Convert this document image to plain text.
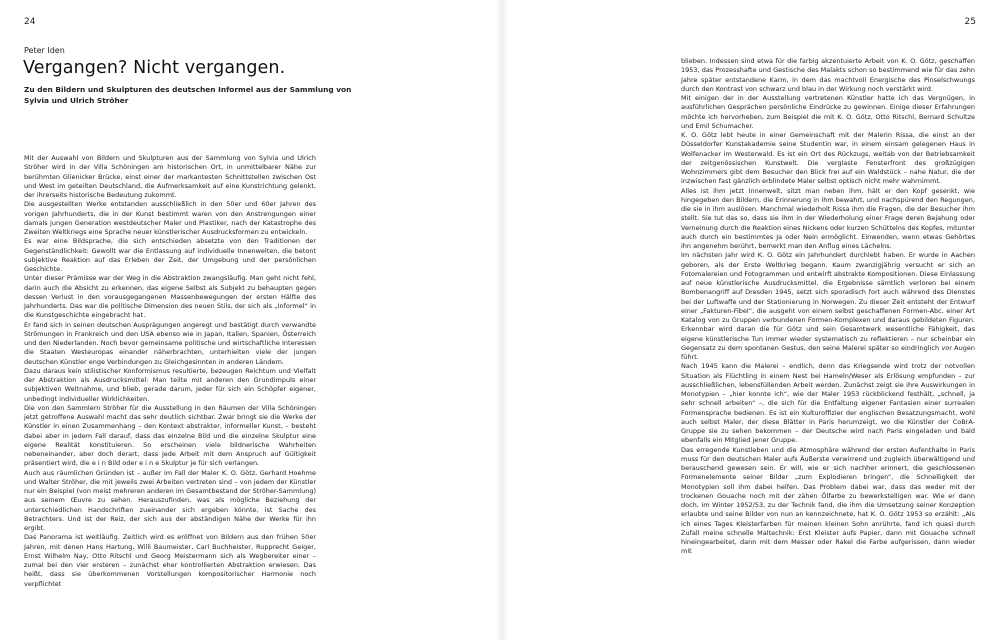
24
Peter Iden
Vergangen? Nicht vergangen.
Zu den Bildern und Skulpturen des deutschen Informel aus der Sammlung von Sylvia und Ulrich Ströher

Mit der Auswahl von Bildern und Skulpturen aus der Sammlung von Sylvia und Ulrich Ströher wird in der Villa Schöningen am historischen Ort, in unmittelbarer Nähe zur berühmten Glienicker Brücke, einst einer der markantesten Schnittstellen zwischen Ost und West im geteilten Deutschland, die Aufmerksamkeit auf eine Kunstrichtung gelenkt, der ihrerseits historische Bedeutung zukommt.

Die ausgestellten Werke entstanden ausschließlich in den 50er und 60er Jahren des vorigen Jahrhunderts, die in der Kunst bestimmt waren von den Anstrengungen einer damals jungen Generation westdeutscher Maler und Plastiker, nach der Katastrophe des Zweiten Weltkriegs eine Sprache neuer künstlerischer Ausdrucksformen zu entwickeln.

Es war eine Bildsprache, die sich entschieden absetzte von den Traditionen der Gegenständlichkeit: Gewollt war die Entlassung auf individuelle Innenwelten, die betont subjektive Reaktion auf das Erleben der Zeit, der Umgebung und der persönlichen Geschichte.

Unter dieser Prämisse war der Weg in die Abstraktion zwangsläufig. Man geht nicht fehl, darin auch die Absicht zu erkennen, das eigene Selbst als Subjekt zu behaupten gegen dessen Verlust in den vorausgegangenen Massenbewegungen der ersten Hälfte des Jahrhunderts. Das war die politische Dimension des neuen Stils, der sich als „Informel“ in die Kunstgeschichte eingebracht hat.

Er fand sich in seinen deutschen Ausprägungen angeregt und bestätigt durch verwandte Strömungen in Frankreich und den USA ebenso wie in Japan, Italien, Spanien, Österreich und den Niederlanden. Noch bevor gemeinsame politische und wirtschaftliche Interessen die Staaten Westeuropas einander näherbrachten, unterhielten viele der jungen deutschen Künstler enge Verbindungen zu Gleichgesinnten in anderen Ländern.

Dazu daraus kein stilistischer Konformismus resultierte, bezeugen Reichtum und Vielfalt der Abstraktion als Ausdrucksmittel: Man teilte mit anderen den Grundimpuls einer subjektiven Weltnahme, und blieb, gerade darum, jeder für sich ein Schöpfer eigener, unbedingt individueller Wirklichkeiten.

Die von den Sammlern Ströher für die Ausstellung in den Räumen der Villa Schöningen jetzt getroffene Auswahl macht das sehr deutlich sichtbar. Zwar bringt sie die Werke der Künstler in einen Zusammenhang – den Kontext abstrakter, informeller Kunst, – besteht dabei aber in jedem Fall darauf, dass das einzelne Bild und die einzelne Skulptur eine eigene Realität konstituieren. So erscheinen viele bildnerische Wahrheiten nebeneinander, aber doch derart, dass jede Arbeit mit dem Anspruch auf Gültigkeit präsentiert wird, die e i n Bild oder e i n e Skulptur je für sich verlangen.

Auch aus räumlichen Gründen ist – außer im Fall der Maler K. O. Götz, Gerhard Hoehme und Walter Ströher, die mit jeweils zwei Arbeiten vertreten sind – von jedem der Künstler nur ein Beispiel (von meist mehreren anderen im Gesamtbestand der Ströher-Sammlung) aus seinem Œuvre zu sehen. Herauszufinden, was als mögliche Beziehung der unterschiedlichen Handschriften zueinander sich ergeben könnte, ist Sache des Betrachters. Und ist der Reiz, der sich aus der abständigen Nähe der Werke für ihn ergibt.

Das Panorama ist weitläufig. Zeitlich wird es eröffnet von Bildern aus den frühen 50er Jahren, mit denen Hans Hartung, Willi Baumeister, Carl Buchheister, Rupprecht Geiger, Ernst Wilhelm Nay, Otto Ritschl und Georg Meistermann sich als Wegbereiter einer – zumal bei den vier ersteren – zunächst eher kontrollierten Abstraktion erwiesen. Das heißt, dass sie überkommenen Vorstellungen kompositorischer Harmonie noch verpflichtet

25

blieben. Indessen sind etwa für die farbig akzentuierte Arbeit von K. O. Götz, geschaffen 1953, das Prozesshafte und Gestische des Malakts schon so bestimmend wie für das zehn Jahre später entstandene Karm, in dem das machtvoll Energische des Pinselschwungs durch den Kontrast von schwarz und blau in der Wirkung noch verstärkt wird.

Mit einigen der in der Ausstellung vertretenen Künstler hatte ich das Vergnügen, in ausführlichen Gesprächen persönliche Eindrücke zu gewinnen. Einige dieser Erfahrungen möchte ich hervorheben, zum Beispiel die mit K. O. Götz, Otto Ritschl, Bernard Schultze und Emil Schumacher.

K. O. Götz lebt heute in einer Gemeinschaft mit der Malerin Rissa, die einst an der Düsseldorfer Kunstakademie seine Studentin war, in einem einsam gelegenen Haus in Wolfenacker im Westerwald. Es ist ein Ort des Rückzugs, weitab von der Betriebsamkeit der zeitgenössischen Kunstwelt. Die verglaste Fensterfront des großzügigen Wohnzimmers gibt dem Besucher den Blick frei auf ein Waldstück – nahe Natur, die der inzwischen fast gänzlich erblindete Maler selbst optisch nicht mehr wahrnimmt.

Alles ist ihm jetzt Innenwelt, sitzt man neben ihm, hält er den Kopf gesenkt, wie hingegeben den Bildern, die Erinnerung in ihm bewahrt, und nachspürend den Regungen, die sie in ihm auslösen. Manchmal wiederholt Rissa ihm die Fragen, die der Besucher ihm stellt. Sie tut das so, dass sie ihm in der Wiederholung einer Frage deren Bejahung oder Verneinung durch die Reaktion eines Nickens oder kurzen Schüttelns des Kopfes, mitunter auch durch ein bestimmtes Ja oder Nein ermöglicht. Einwenden, wenn etwas Gehörtes ihn angenehm berührt, bemerkt man den Anflug eines Lächelns.

Im nächsten Jahr wird K. O. Götz ein Jahrhundert durchlebt haben. Er wurde in Aachen geboren, als der Erste Weltkrieg begann. Kaum zwanzigjährig versucht er sich an Fotomalereien und Fotogrammen und entwirft abstrakte Kompositionen. Diese Einlassung auf neue künstlerische Ausdrucksmittel, die Ergebnisse sämtlich verloren bei einem Bombenangriff auf Dresden 1945, setzt sich sporadisch fort auch während des Dienstes bei der Luftwaffe und der Stationierung in Norwegen. Zu dieser Zeit entsteht der Entwurf einer „Fakturen-Fibel“, die ausgeht von einem selbst geschaffenen Formen-Abc, einer Art Katalog von zu Gruppen verbundenen Formen-Komplexen und daraus gebildeten Figuren. Erkennbar wird daran die für Götz und sein Gesamtwerk wesentliche Fähigkeit, das eigene künstlerische Tun immer wieder systematisch zu reflektieren – nur scheinbar ein Gegensatz zu dem spontanen Gestus, den seine Malerei später so eindringlich vor Augen führt.

Nach 1945 kann die Malerei – endlich, denn das Kriegsende wird trotz der notvollen Situation als Flüchtling in einem Nest bei Hameln/Weser als Erlösung empfunden – zur ausschließlichen, lebensfüllenden Arbeit werden. Zunächst zeigt sie ihre Auswirkungen in Monotypien – „hier konnte ich“, wie der Maler 1953 rückblickend festhält, „schnell, ja sehr schnell arbeiten“ –, die sich für die Entfaltung eigener Fantasien einer surrealen Formensprache bedienen. Es ist ein Kulturoffizier der englischen Besatzungsmacht, wohl auch selbst Maler, der diese Blätter in Paris herumzeigt, wo die Künstler der CoBrA-Gruppe sie zu sehen bekommen – der Deutsche wird nach Paris eingeladen und bald ebenfalls ein Mitglied jener Gruppe.

Das erregende Kunstleben und die Atmosphäre während der ersten Aufenthalte in Paris muss für den deutschen Maler aufs Äußerste verwirrend und zugleich überwältigend und berauschend gewesen sein. Er will, wie er sich nachher erinnert, die geschlossenen Formenelemente seiner Bilder „zum Explodieren bringen“, die Schnelligkeit der Monotypien soll ihm dabei helfen. Das Problem dabei war, dass das weder mit der trockenen Gouache noch mit der zähen Ölfarbe zu bewerkstelligen war. Wie er dann doch, im Winter 1952/53, zu der Technik fand, die ihm die Umsetzung seiner Konzeption erlaubte und seine Bilder von nun an kennzeichnete, hat K. O. Götz 1953 so erzählt: „Als ich eines Tages Kleisterfarben für meinen kleinen Sohn anrührte, fand ich quasi durch Zufall meine schnelle Maltechnik: Erst Kleister aufs Papier, dann mit Gouache schnell hineingearbeitet, dann mit dem Messer oder Rakel die Farbe aufgerissen, dann wieder mit
